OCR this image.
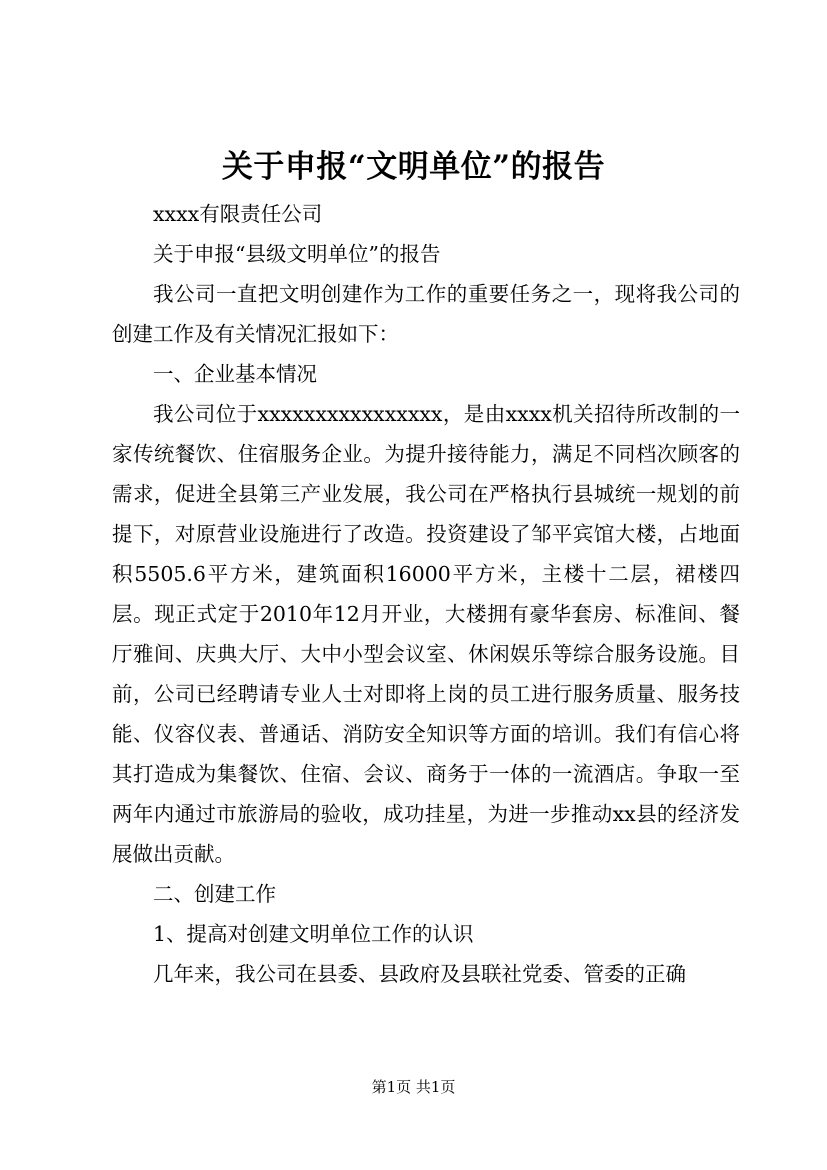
关于申报“文明单位”的报告

xxxx有限责任公司

关于申报“县级文明单位”的报告

我公司一直把文明创建作为工作的重要任务之一，现将我公司的创建工作及有关情况汇报如下：

一、企业基本情况

我公司位于xxxxxxxxxxxxxxxx，是由xxxx机关招待所改制的一家传统餐饮、住宿服务企业。为提升接待能力，满足不同档次顾客的需求，促进全县第三产业发展，我公司在严格执行县城统一规划的前提下，对原营业设施进行了改造。投资建设了邹平宾馆大楼，占地面积5505.6平方米，建筑面积16000平方米，主楼十二层，裙楼四层。现正式定于2010年12月开业，大楼拥有豪华套房、标准间、餐厅雅间、庆典大厅、大中小型会议室、休闲娱乐等综合服务设施。目前，公司已经聘请专业人士对即将上岗的员工进行服务质量、服务技能、仪容仪表、普通话、消防安全知识等方面的培训。我们有信心将其打造成为集餐饮、住宿、会议、商务于一体的一流酒店。争取一至两年内通过市旅游局的验收，成功挂星，为进一步推动xx县的经济发展做出贡献。

二、创建工作

1、提高对创建文明单位工作的认识

几年来，我公司在县委、县政府及县联社党委、管委的正确

第1页 共1页
